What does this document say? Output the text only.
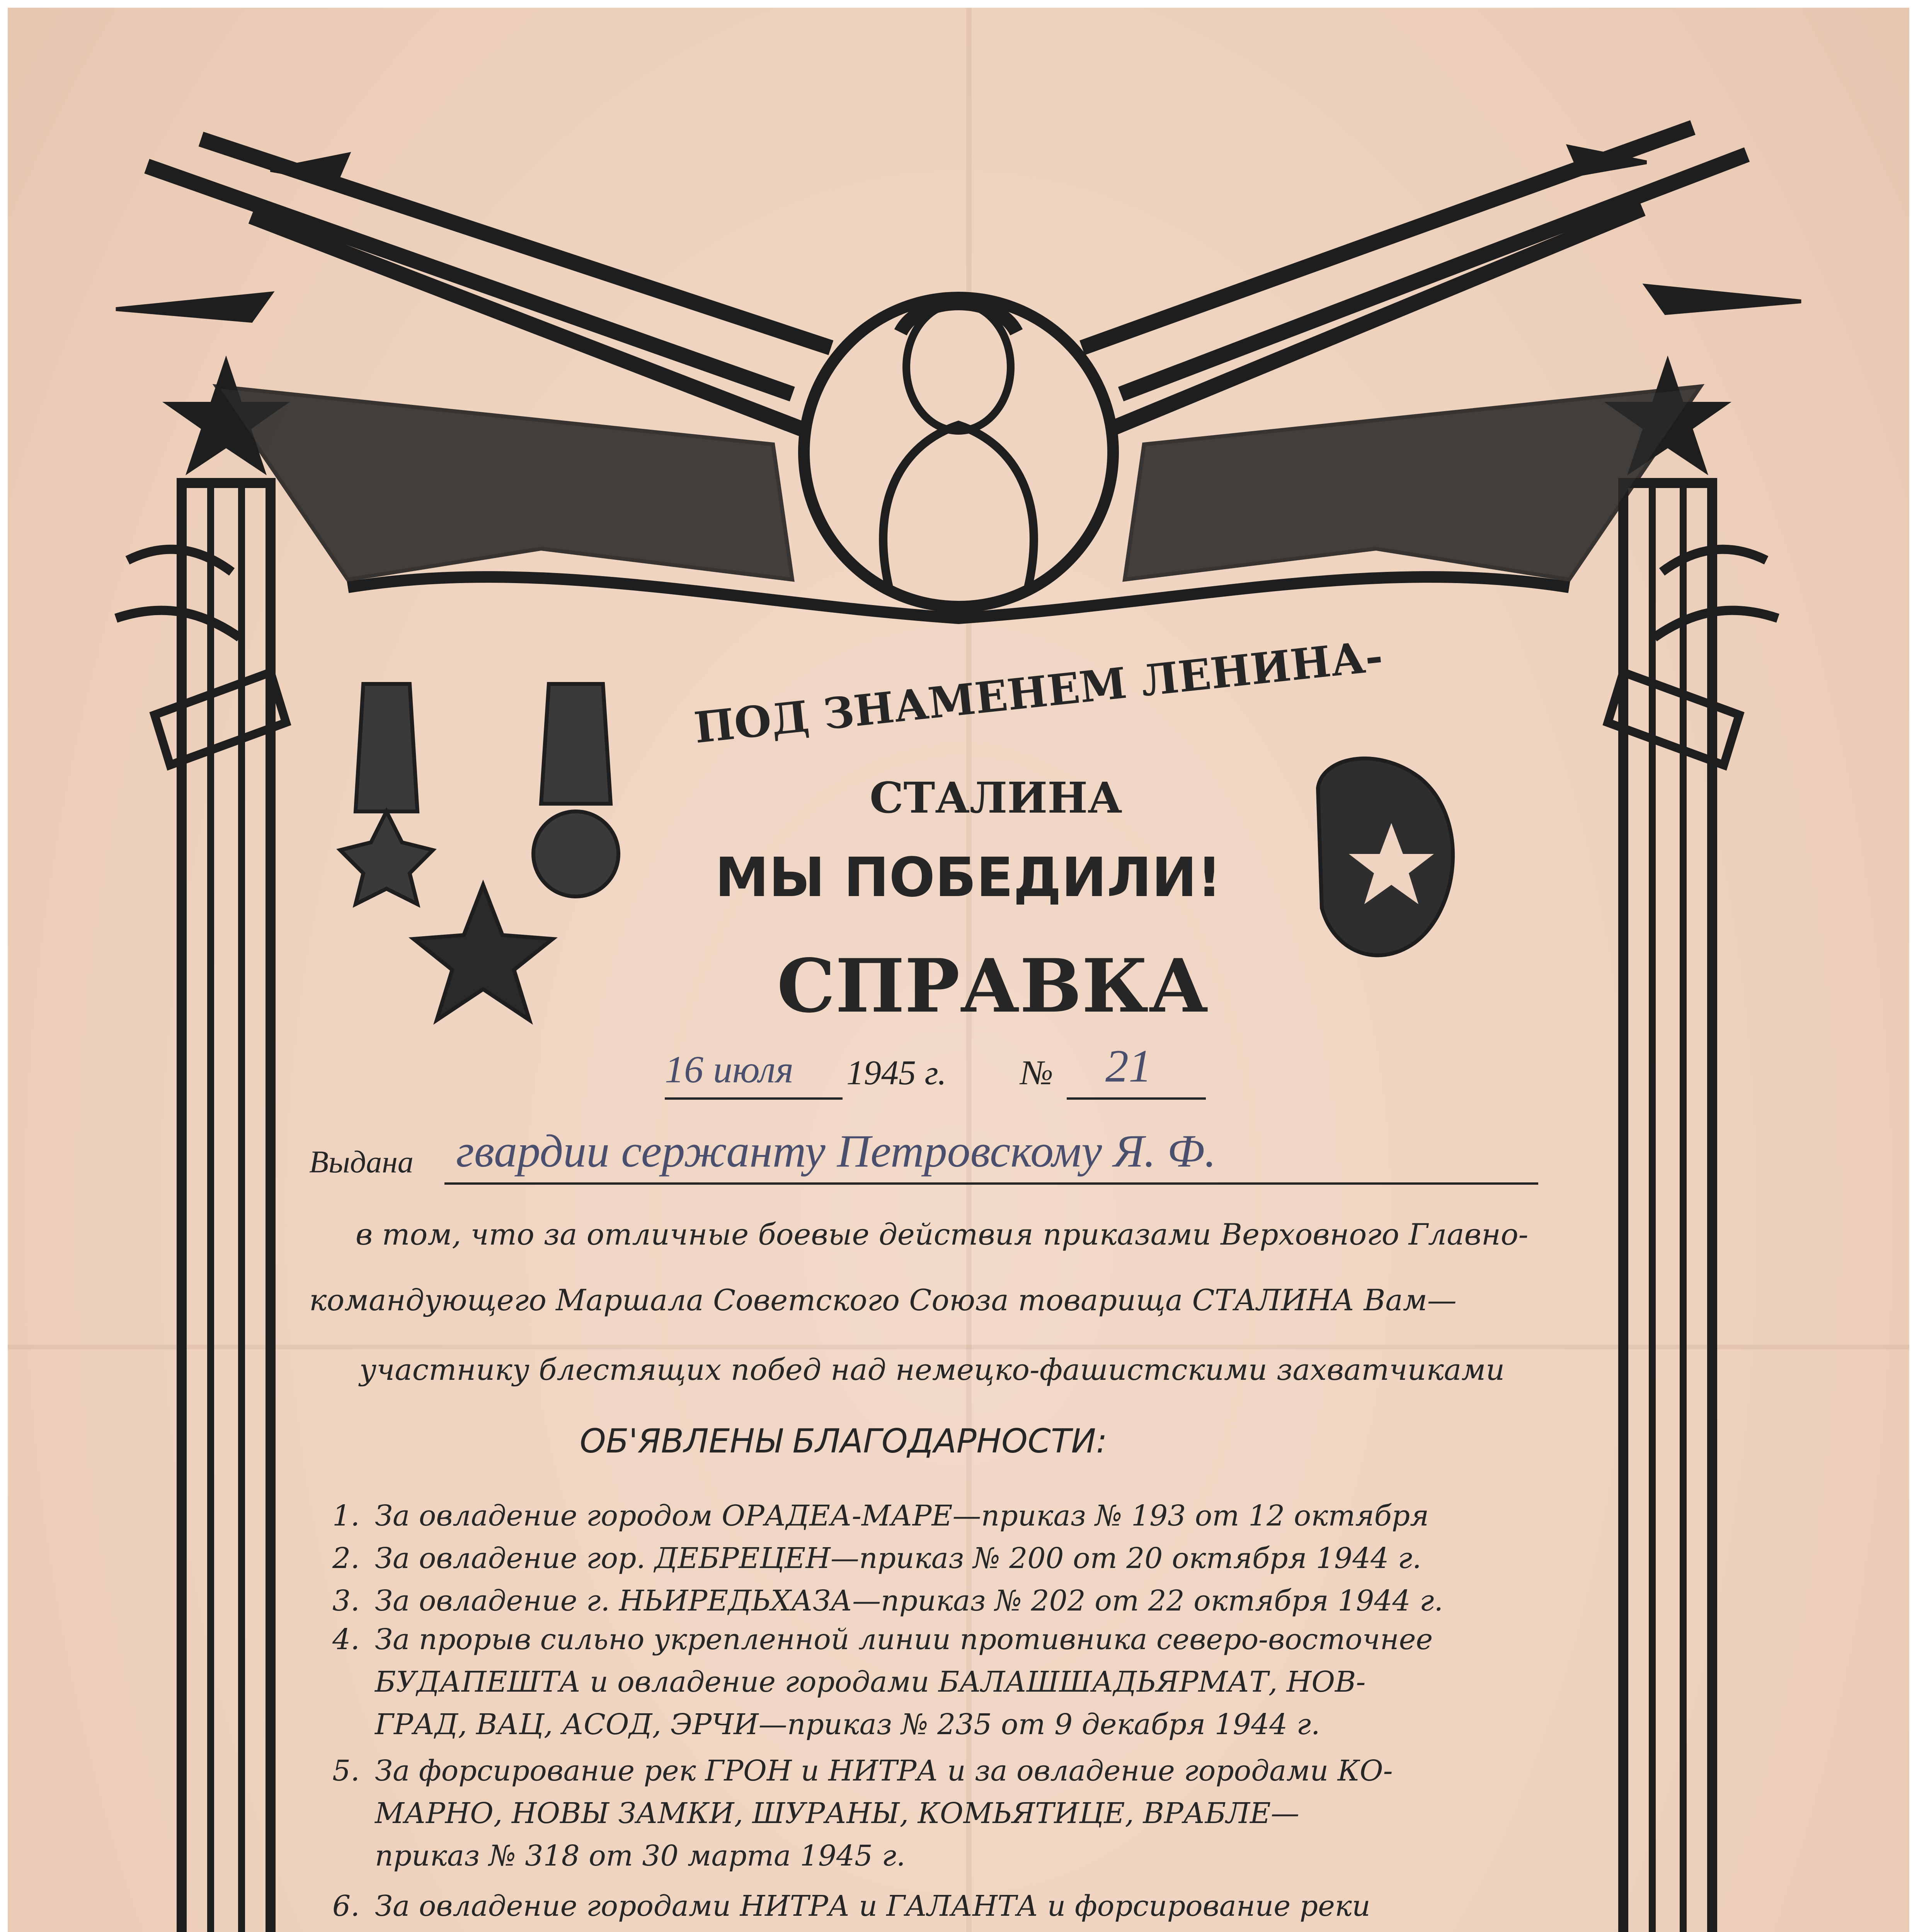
ПОД ЗНАМЕНЕМ ЛЕНИНА-
СТАЛИНА
МЫ ПОБЕДИЛИ!
СПРАВКА
16 июля 1945 г. № 21
Выдана гвардии сержанту Петровскому Я. Ф.
в том, что за отличные боевые действия приказами Верховного Главно-
командующего Маршала Советского Союза товарища СТАЛИНА Вам—
участнику блестящих побед над немецко-фашистскими захватчиками
ОБ'ЯВЛЕНЫ БЛАГОДАРНОСТИ:
1. За овладение городом ОРАДЕА-МАРЕ—приказ № 193 от 12 октября
2. За овладение гор. ДЕБРЕЦЕН—приказ № 200 от 20 октября 1944 г.
3. За овладение г. НЬИРЕДЬХАЗА—приказ № 202 от 22 октября 1944 г.
4. За прорыв сильно укрепленной линии противника северо-восточнее
БУДАПЕШТА и овладение городами БАЛАШШАДЬЯРМАТ, НОВ-
ГРАД, ВАЦ, АСОД, ЭРЧИ—приказ № 235 от 9 декабря 1944 г.
5. За форсирование рек ГРОН и НИТРА и за овладение городами КО-
МАРНО, НОВЫ ЗАМКИ, ШУРАНЫ, КОМЬЯТИЦЕ, ВРАБЛЕ—
приказ № 318 от 30 марта 1945 г.
6. За овладение городами НИТРА и ГАЛАНТА и форсирование реки
